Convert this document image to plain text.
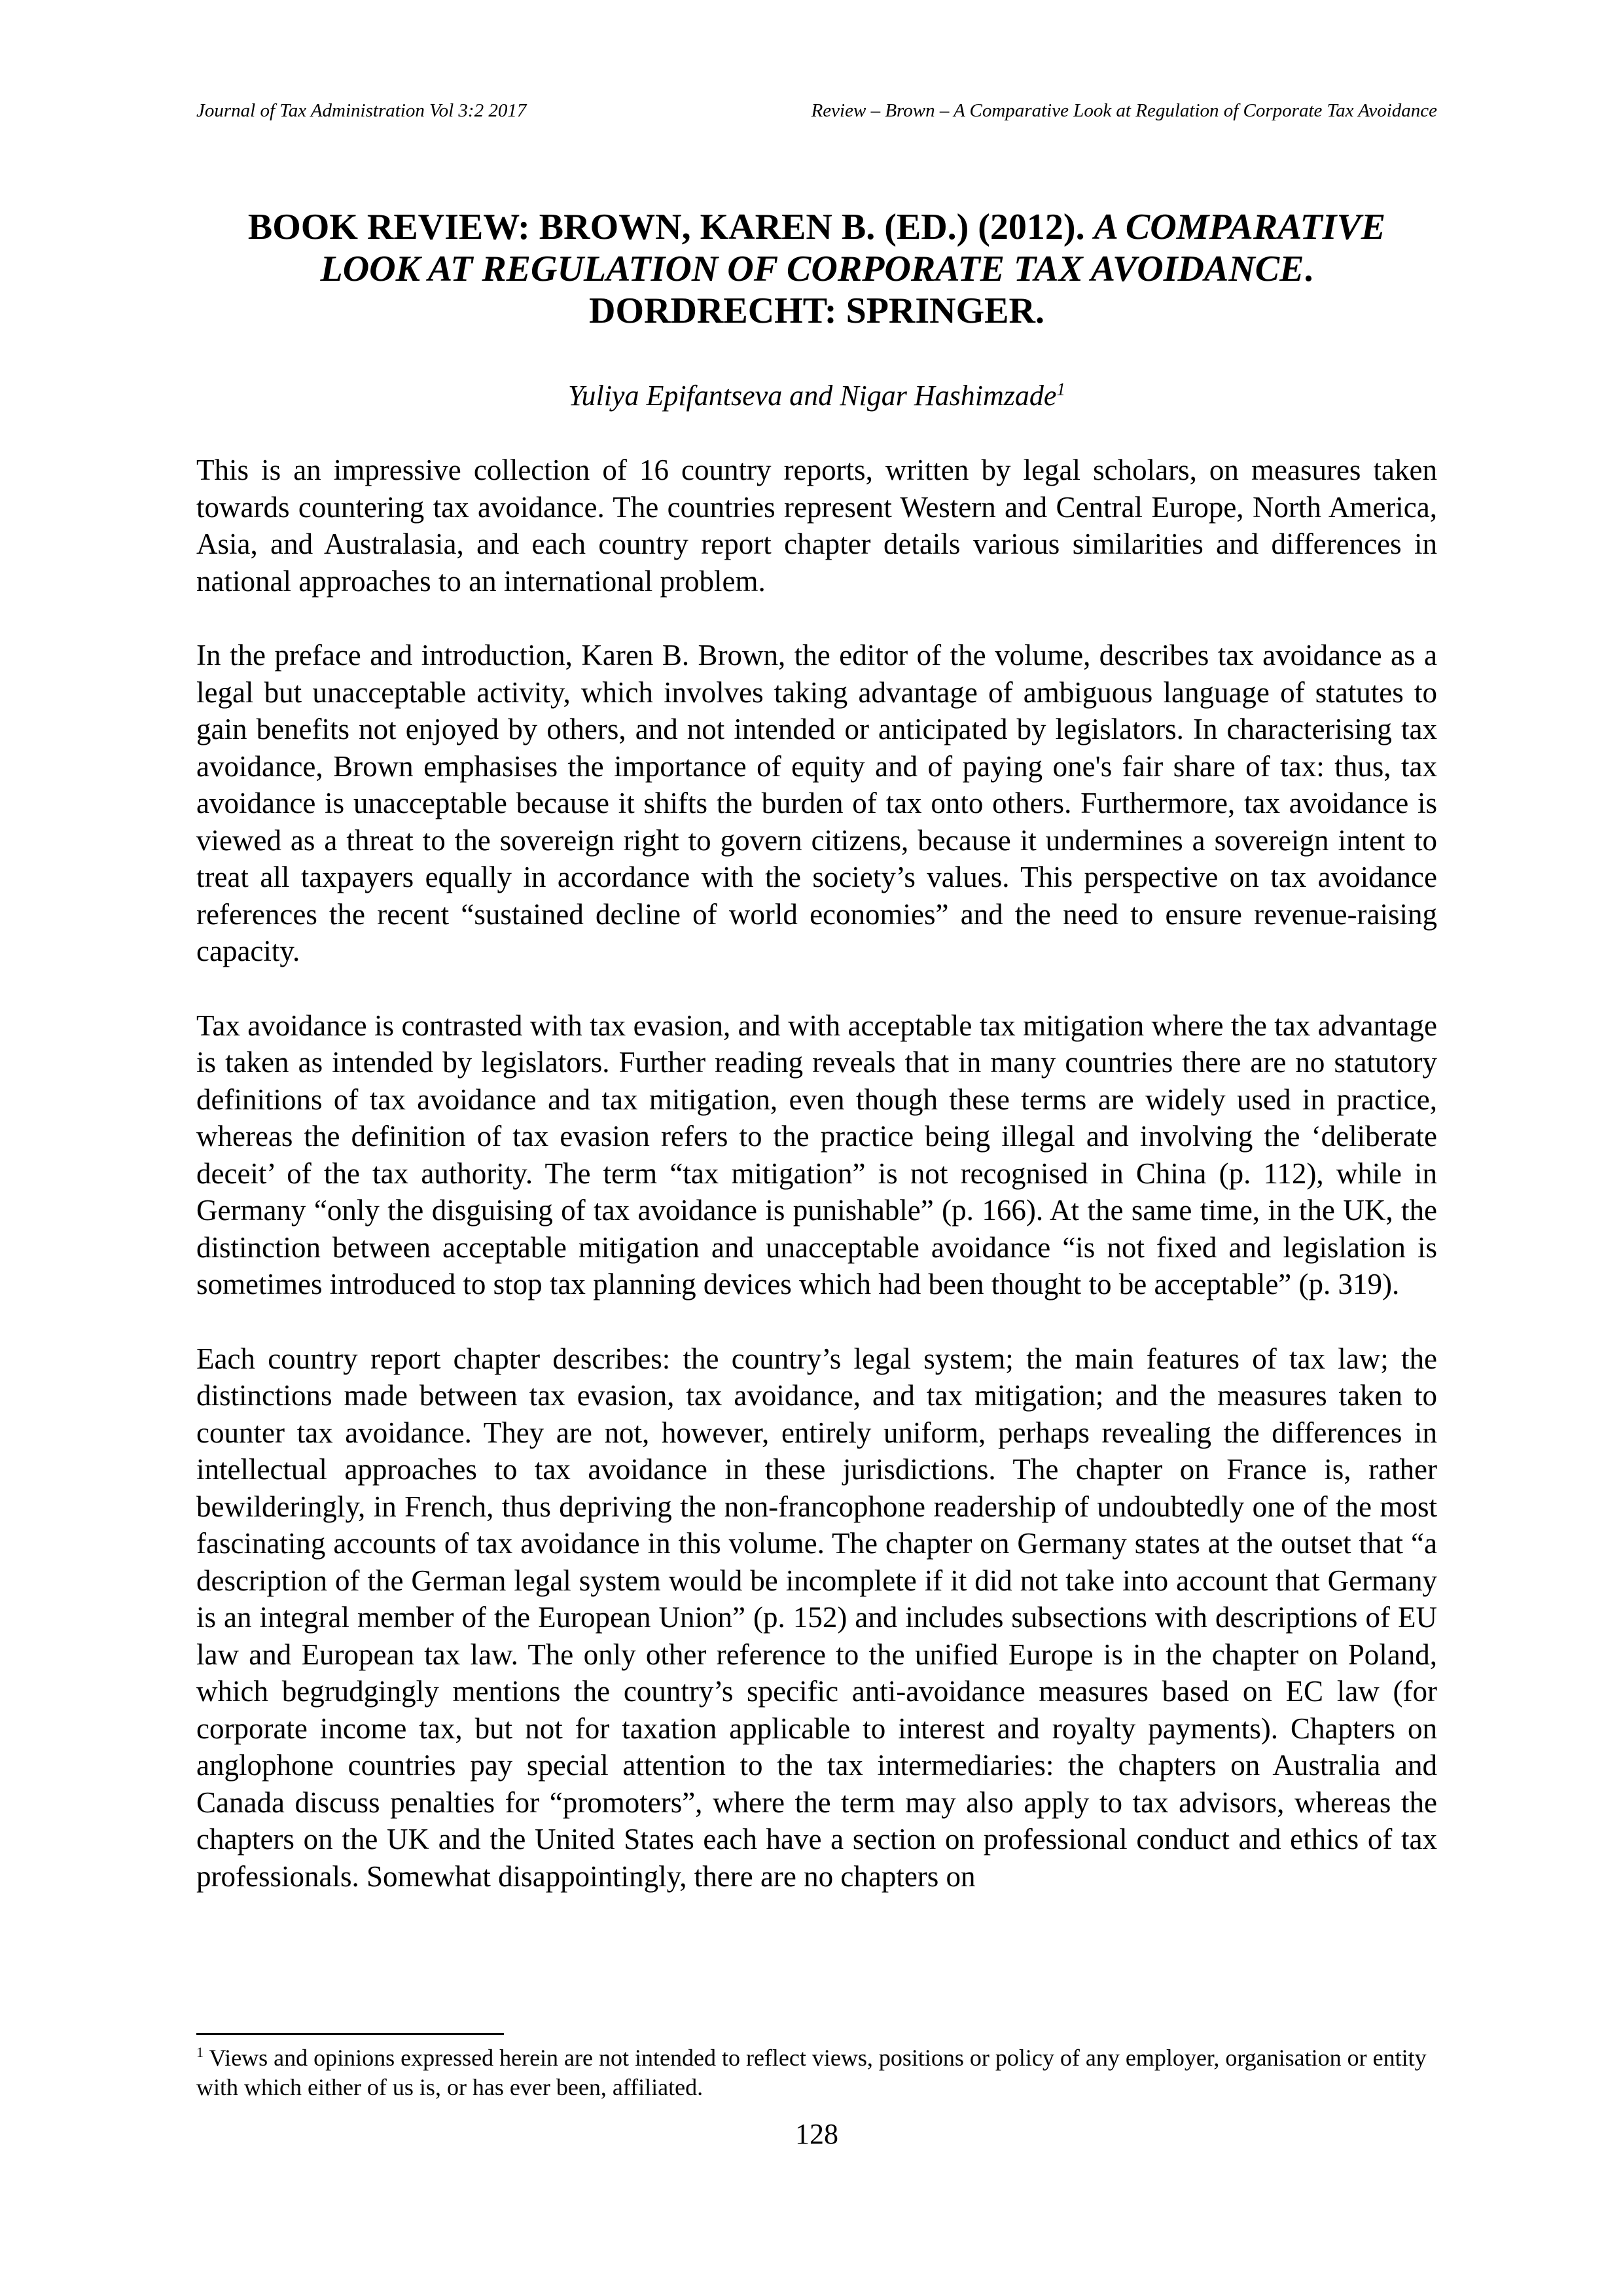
Journal of Tax Administration Vol 3:2 2017	Review – Brown – A Comparative Look at Regulation of Corporate Tax Avoidance
BOOK REVIEW: BROWN, KAREN B. (ED.) (2012). A COMPARATIVE
LOOK AT REGULATION OF CORPORATE TAX AVOIDANCE.
DORDRECHT: SPRINGER.
Yuliya Epifantseva and Nigar Hashimzade$^1$

This is an impressive collection of 16 country reports, written by legal scholars, on measures taken towards countering tax avoidance. The countries represent Western and Central Europe, North America, Asia, and Australasia, and each country report chapter details various similarities and differences in national approaches to an international problem.

In the preface and introduction, Karen B. Brown, the editor of the volume, describes tax avoidance as a legal but unacceptable activity, which involves taking advantage of ambiguous language of statutes to gain benefits not enjoyed by others, and not intended or anticipated by legislators. In characterising tax avoidance, Brown emphasises the importance of equity and of paying one's fair share of tax: thus, tax avoidance is unacceptable because it shifts the burden of tax onto others. Furthermore, tax avoidance is viewed as a threat to the sovereign right to govern citizens, because it undermines a sovereign intent to treat all taxpayers equally in accordance with the society’s values. This perspective on tax avoidance references the recent “sustained decline of world economies” and the need to ensure revenue-raising capacity.

Tax avoidance is contrasted with tax evasion, and with acceptable tax mitigation where the tax advantage is taken as intended by legislators. Further reading reveals that in many countries there are no statutory definitions of tax avoidance and tax mitigation, even though these terms are widely used in practice, whereas the definition of tax evasion refers to the practice being illegal and involving the ‘deliberate deceit’ of the tax authority. The term “tax mitigation” is not recognised in China (p. 112), while in Germany “only the disguising of tax avoidance is punishable” (p. 166). At the same time, in the UK, the distinction between acceptable mitigation and unacceptable avoidance “is not fixed and legislation is sometimes introduced to stop tax planning devices which had been thought to be acceptable” (p. 319).

Each country report chapter describes: the country’s legal system; the main features of tax law; the distinctions made between tax evasion, tax avoidance, and tax mitigation; and the measures taken to counter tax avoidance. They are not, however, entirely uniform, perhaps revealing the differences in intellectual approaches to tax avoidance in these jurisdictions. The chapter on France is, rather bewilderingly, in French, thus depriving the non-francophone readership of undoubtedly one of the most fascinating accounts of tax avoidance in this volume. The chapter on Germany states at the outset that “a description of the German legal system would be incomplete if it did not take into account that Germany is an integral member of the European Union” (p. 152) and includes subsections with descriptions of EU law and European tax law. The only other reference to the unified Europe is in the chapter on Poland, which begrudgingly mentions the country’s specific anti-avoidance measures based on EC law (for corporate income tax, but not for taxation applicable to interest and royalty payments). Chapters on anglophone countries pay special attention to the tax intermediaries: the chapters on Australia and Canada discuss penalties for “promoters”, where the term may also apply to tax advisors, whereas the chapters on the UK and the United States each have a section on professional conduct and ethics of tax professionals. Somewhat disappointingly, there are no chapters on

$^1$ Views and opinions expressed herein are not intended to reflect views, positions or policy of any employer, organisation or entity with which either of us is, or has ever been, affiliated.
128
